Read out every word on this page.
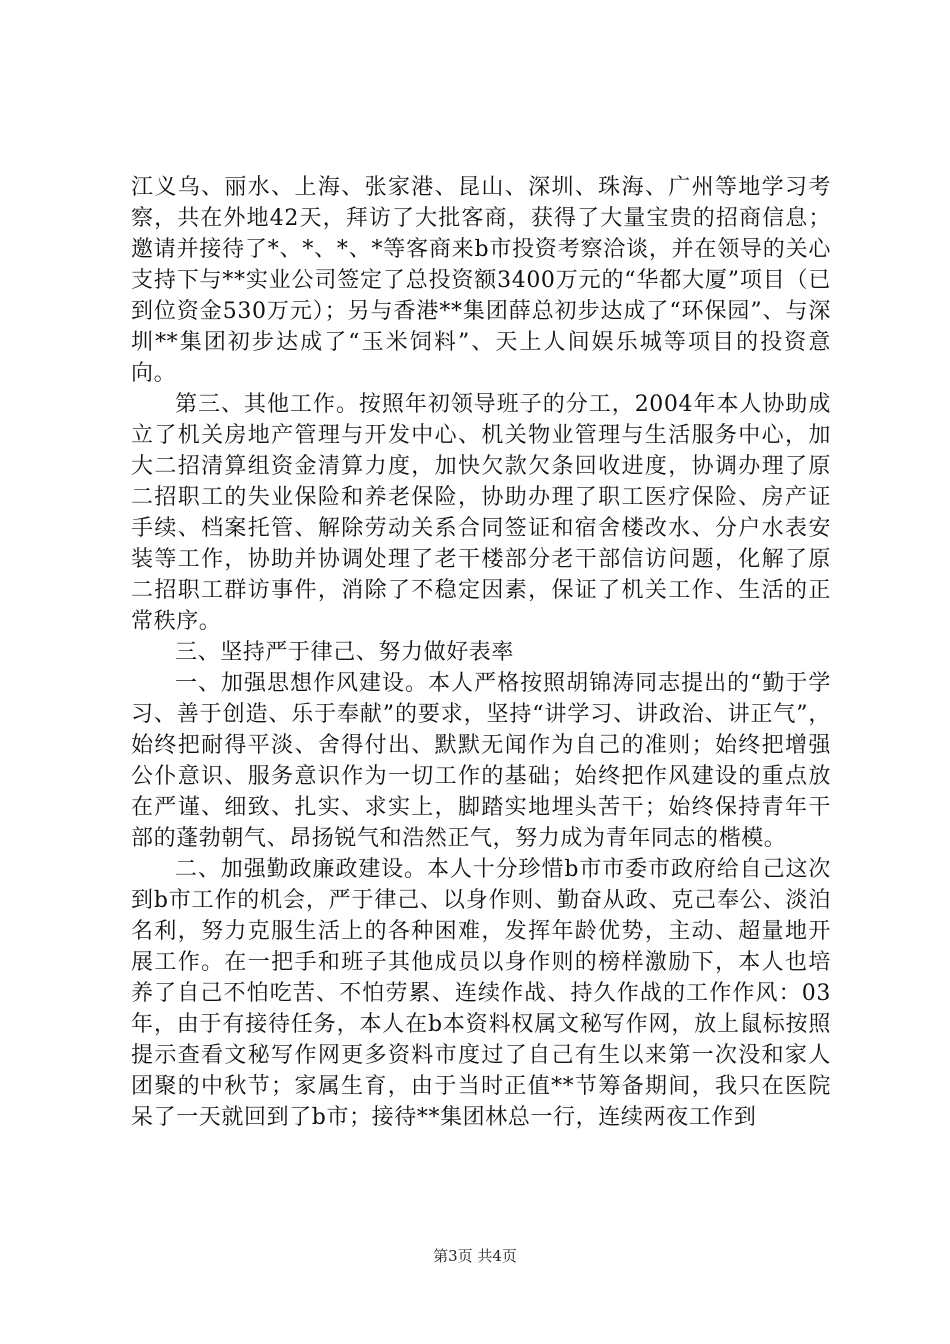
江义乌、丽水、上海、张家港、昆山、深圳、珠海、广州等地学习考察，共在外地42天，拜访了大批客商，获得了大量宝贵的招商信息；邀请并接待了*、*、*、*等客商来b市投资考察洽谈，并在领导的关心支持下与**实业公司签定了总投资额3400万元的“华都大厦”项目（已到位资金530万元）；另与香港**集团薛总初步达成了“环保园”、与深圳**集团初步达成了“玉米饲料”、天上人间娱乐城等项目的投资意向。

第三、其他工作。按照年初领导班子的分工，2004年本人协助成立了机关房地产管理与开发中心、机关物业管理与生活服务中心，加大二招清算组资金清算力度，加快欠款欠条回收进度，协调办理了原二招职工的失业保险和养老保险，协助办理了职工医疗保险、房产证手续、档案托管、解除劳动关系合同签证和宿舍楼改水、分户水表安装等工作，协助并协调处理了老干楼部分老干部信访问题，化解了原二招职工群访事件，消除了不稳定因素，保证了机关工作、生活的正常秩序。

三、坚持严于律己、努力做好表率

一、加强思想作风建设。本人严格按照胡锦涛同志提出的“勤于学习、善于创造、乐于奉献”的要求，坚持“讲学习、讲政治、讲正气”，始终把耐得平淡、舍得付出、默默无闻作为自己的准则；始终把增强公仆意识、服务意识作为一切工作的基础；始终把作风建设的重点放在严谨、细致、扎实、求实上，脚踏实地埋头苦干；始终保持青年干部的蓬勃朝气、昂扬锐气和浩然正气，努力成为青年同志的楷模。

二、加强勤政廉政建设。本人十分珍惜b市市委市政府给自己这次到b市工作的机会，严于律己、以身作则、勤奋从政、克己奉公、淡泊名利，努力克服生活上的各种困难，发挥年龄优势，主动、超量地开展工作。在一把手和班子其他成员以身作则的榜样激励下，本人也培养了自己不怕吃苦、不怕劳累、连续作战、持久作战的工作作风：03年，由于有接待任务，本人在b本资料权属文秘写作网，放上鼠标按照提示查看文秘写作网更多资料市度过了自己有生以来第一次没和家人团聚的中秋节；家属生育，由于当时正值**节筹备期间，我只在医院呆了一天就回到了b市；接待**集团林总一行，连续两夜工作到

第3页 共4页
